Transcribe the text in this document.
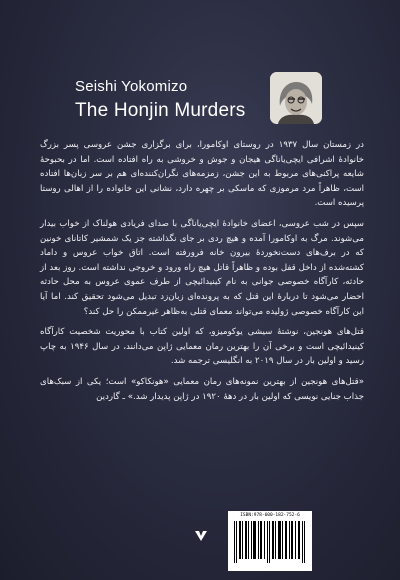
Seishi Yokomizo
The Honjin Murders

در زمستان سال ۱۹۳۷ در روستای اوکامورا، برای برگزاری جشن عروسی پسر بزرگ خانوادهٔ اشرافی ایچی‌یاناگی هیجان و جوش و خروشی به راه افتاده است. اما در بحبوحهٔ شایعه پراکنی‌های مربوط به این جشن، زمزمه‌های نگران‌کننده‌ای هم بر سر زبان‌ها افتاده است، ظاهراً مرد مرموزی که ماسکی بر چهره دارد، نشانی این خانواده را از اهالی روستا پرسیده است.

سپس در شب عروسی، اعضای خانوادهٔ ایچی‌یاناگی با صدای فریادی هولناک از خواب بیدار می‌شوند. مرگ به اوکامورا آمده و هیچ ردی بر جای نگذاشته جز یک شمشیر کاتانای خونین که در برف‌های دست‌نخوردهٔ بیرون خانه فرورفته است. اتاق خواب عروس و داماد کشته‌شده از داخل قفل بوده و ظاهراً قاتل هیچ راه ورود و خروجی نداشته است. روز بعد از حادثه، کارآگاه خصوصی جوانی به نام کینیدائیچی از طرف عموی عروس به محل حادثه احضار می‌شود تا دربارهٔ این قتل که به پرونده‌ای زبان‌زد تبدیل می‌شود تحقیق کند. اما آیا این کارآگاه خصوصی ژولیده می‌تواند معمای قتلی به‌ظاهر غیرممکن را حل کند؟

قتل‌های هونجین، نوشتهٔ سیشی یوکومیزو، که اولین کتاب با محوریت شخصیت کارآگاه کینیدائیچی است و برخی آن را بهترین رمان معمایی ژاپن می‌دانند، در سال ۱۹۴۶ به چاپ رسید و اولین بار در سال ۲۰۱۹ به انگلیسی ترجمه شد.

«قتل‌های هونجین از بهترین نمونه‌های رمان معمایی «هونکاکو» است؛ یکی از سبک‌های جذاب جنایی نویسی که اولین بار در دههٔ ۱۹۲۰ در ژاپن پدیدار شد.» ـ گاردین

ISBN:978-600-182-752-6
